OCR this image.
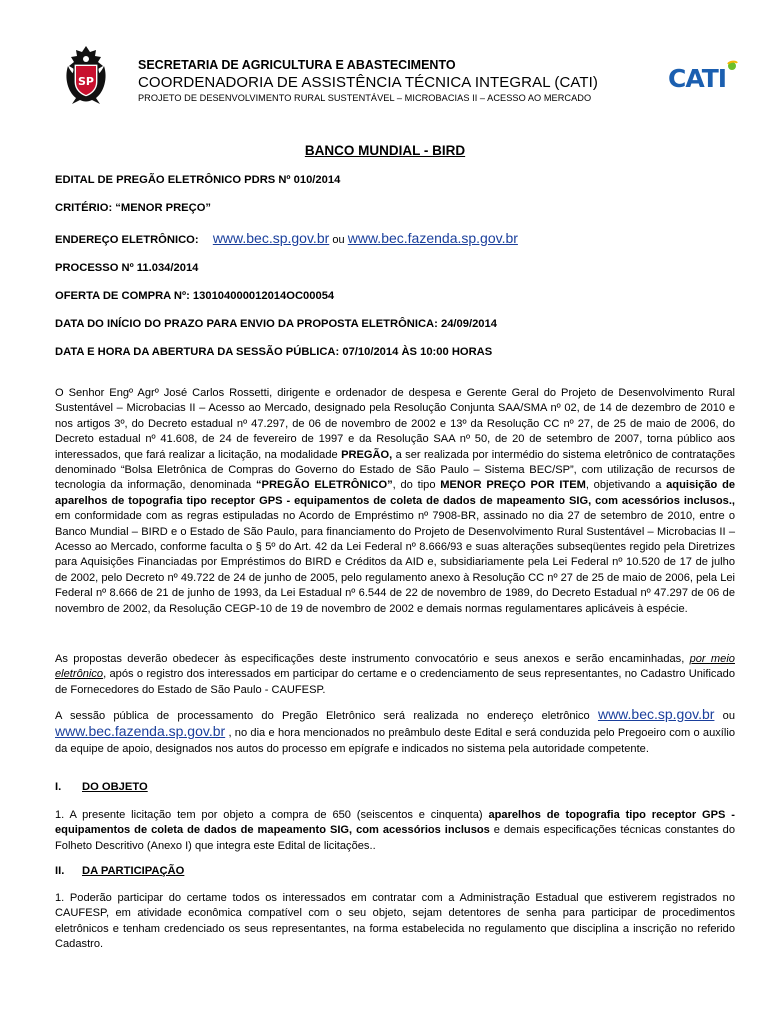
SP
SECRETARIA DE AGRICULTURA E ABASTECIMENTO
COORDENADORIA DE ASSISTÊNCIA TÉCNICA INTEGRAL (CATI)
PROJETO DE DESENVOLVIMENTO RURAL SUSTENTÁVEL – MICROBACIAS II – ACESSO AO MERCADO
CATI
BANCO MUNDIAL - BIRD
EDITAL DE PREGÃO ELETRÔNICO PDRS Nº 010/2014
CRITÉRIO: “MENOR PREÇO”
ENDEREÇO ELETRÔNICO: www.bec.sp.gov.br ou www.bec.fazenda.sp.gov.br
PROCESSO Nº 11.034/2014
OFERTA DE COMPRA Nº: 130104000012014OC00054
DATA DO INÍCIO DO PRAZO PARA ENVIO DA PROPOSTA ELETRÔNICA: 24/09/2014
DATA E HORA DA ABERTURA DA SESSÃO PÚBLICA: 07/10/2014 ÀS 10:00 HORAS
O Senhor Engº Agrº José Carlos Rossetti, dirigente e ordenador de despesa e Gerente Geral do Projeto de Desenvolvimento Rural Sustentável – Microbacias II – Acesso ao Mercado, designado pela Resolução Conjunta SAA/SMA nº 02, de 14 de dezembro de 2010 e nos artigos 3º, do Decreto estadual nº 47.297, de 06 de novembro de 2002 e 13º da Resolução CC nº 27, de 25 de maio de 2006, do Decreto estadual nº 41.608, de 24 de fevereiro de 1997 e da Resolução SAA nº 50, de 20 de setembro de 2007, torna público aos interessados, que fará realizar a licitação, na modalidade PREGÃO, a ser realizada por intermédio do sistema eletrônico de contratações denominado “Bolsa Eletrônica de Compras do Governo do Estado de São Paulo – Sistema BEC/SP”, com utilização de recursos de tecnologia da informação, denominada “PREGÃO ELETRÔNICO”, do tipo MENOR PREÇO POR ITEM, objetivando a aquisição de aparelhos de topografia tipo receptor GPS - equipamentos de coleta de dados de mapeamento SIG, com acessórios inclusos., em conformidade com as regras estipuladas no Acordo de Empréstimo nº 7908-BR, assinado no dia 27 de setembro de 2010, entre o Banco Mundial – BIRD e o Estado de São Paulo, para financiamento do Projeto de Desenvolvimento Rural Sustentável – Microbacias II – Acesso ao Mercado, conforme faculta o § 5º do Art. 42 da Lei Federal nº 8.666/93 e suas alterações subseqüentes regido pela Diretrizes para Aquisições Financiadas por Empréstimos do BIRD e Créditos da AID e, subsidiariamente pela Lei Federal nº 10.520 de 17 de julho de 2002, pelo Decreto nº 49.722 de 24 de junho de 2005, pelo regulamento anexo à Resolução CC nº 27 de 25 de maio de 2006, pela Lei Federal nº 8.666 de 21 de junho de 1993, da Lei Estadual nº 6.544 de 22 de novembro de 1989, do Decreto Estadual nº 47.297 de 06 de novembro de 2002, da Resolução CEGP-10 de 19 de novembro de 2002 e demais normas regulamentares aplicáveis à espécie.
As propostas deverão obedecer às especificações deste instrumento convocatório e seus anexos e serão encaminhadas, por meio eletrônico, após o registro dos interessados em participar do certame e o credenciamento de seus representantes, no Cadastro Unificado de Fornecedores do Estado de São Paulo - CAUFESP.
A sessão pública de processamento do Pregão Eletrônico será realizada no endereço eletrônico www.bec.sp.gov.br ou www.bec.fazenda.sp.gov.br , no dia e hora mencionados no preâmbulo deste Edital e será conduzida pelo Pregoeiro com o auxílio da equipe de apoio, designados nos autos do processo em epígrafe e indicados no sistema pela autoridade competente.
I. DO OBJETO
1. A presente licitação tem por objeto a compra de 650 (seiscentos e cinquenta) aparelhos de topografia tipo receptor GPS - equipamentos de coleta de dados de mapeamento SIG, com acessórios inclusos e demais especificações técnicas constantes do Folheto Descritivo (Anexo I) que integra este Edital de licitações..
II. DA PARTICIPAÇÃO
1. Poderão participar do certame todos os interessados em contratar com a Administração Estadual que estiverem registrados no CAUFESP, em atividade econômica compatível com o seu objeto, sejam detentores de senha para participar de procedimentos eletrônicos e tenham credenciado os seus representantes, na forma estabelecida no regulamento que disciplina a inscrição no referido Cadastro.
